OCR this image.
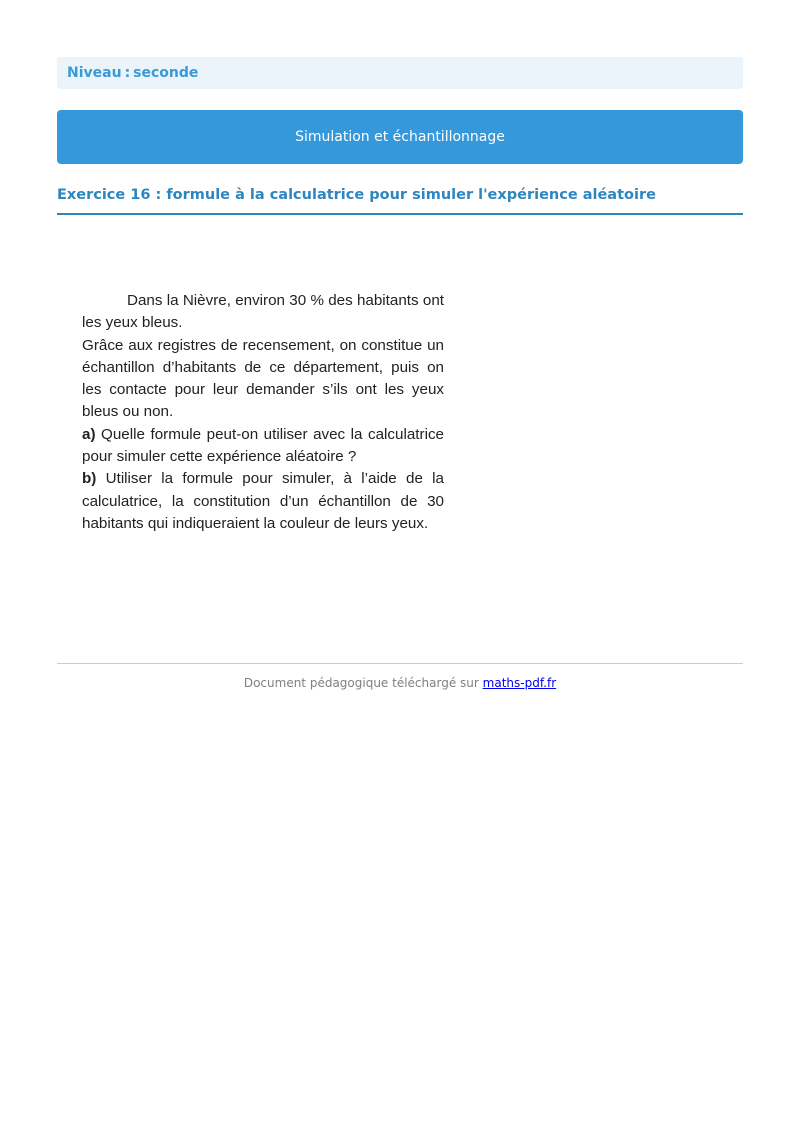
Niveau : seconde
Simulation et échantillonnage
Exercice 16 : formule à la calculatrice pour simuler l'expérience aléatoire

Dans la Nièvre, environ 30 % des habitants ont les yeux bleus.

Grâce aux registres de recensement, on constitue un échantillon d’habitants de ce département, puis on les contacte pour leur demander s’ils ont les yeux bleus ou non.

a) Quelle formule peut-on utiliser avec la calculatrice pour simuler cette expérience aléatoire ?

b) Utiliser la formule pour simuler, à l’aide de la calculatrice, la constitution d’un échantillon de 30 habitants qui indiqueraient la couleur de leurs yeux.

Document pédagogique téléchargé sur maths-pdf.fr
